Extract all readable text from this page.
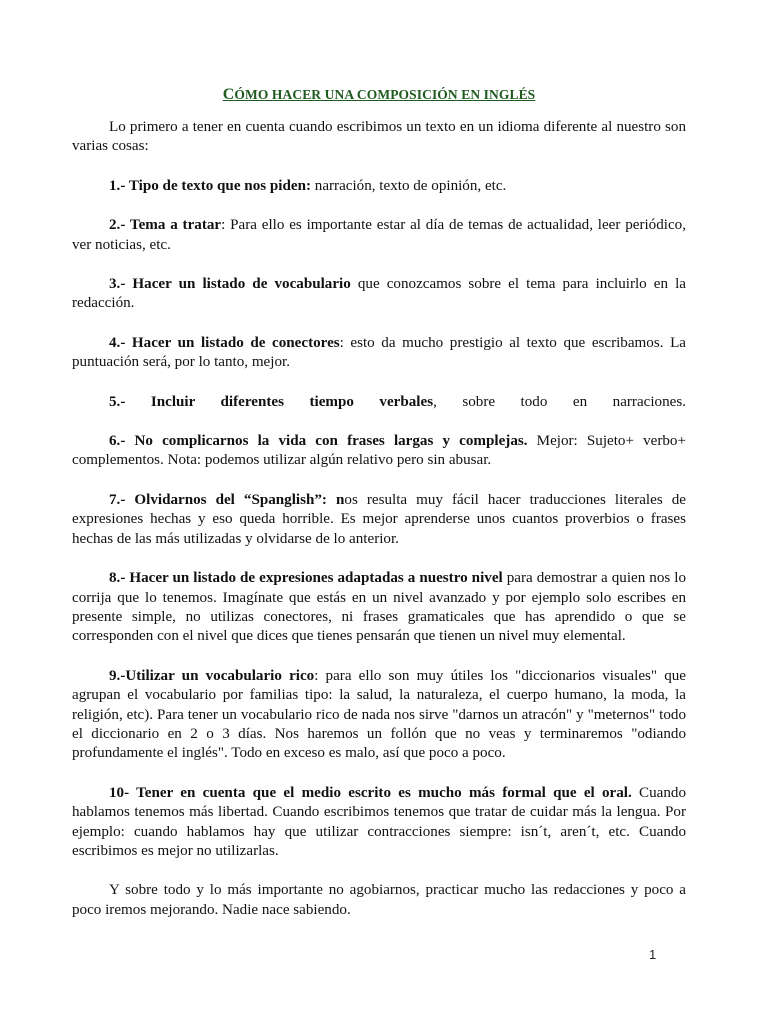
CÓMO HACER UNA COMPOSICIÓN EN INGLÉS

Lo primero a tener en cuenta cuando escribimos un texto en un idioma diferente al nuestro son varias cosas:

1.- Tipo de texto que nos piden: narración, texto de opinión, etc.

2.- Tema a tratar: Para ello es importante estar al día de temas de actualidad, leer periódico, ver noticias, etc.

3.- Hacer un listado de vocabulario que conozcamos sobre el tema para incluirlo en la redacción.

4.- Hacer un listado de conectores: esto da mucho prestigio al texto que escribamos. La puntuación será, por lo tanto, mejor.

5.- Incluir diferentes tiempo verbales, sobre todo en narraciones.

6.- No complicarnos la vida con frases largas y complejas. Mejor: Sujeto+ verbo+ complementos. Nota: podemos utilizar algún relativo pero sin abusar.

7.- Olvidarnos del “Spanglish”: nos resulta muy fácil hacer traducciones literales de expresiones hechas y eso queda horrible. Es mejor aprenderse unos cuantos proverbios o frases hechas de las más utilizadas y olvidarse de lo anterior.

8.- Hacer un listado de expresiones adaptadas a nuestro nivel para demostrar a quien nos lo corrija que lo tenemos. Imagínate que estás en un nivel avanzado y por ejemplo solo escribes en presente simple, no utilizas conectores, ni frases gramaticales que has aprendido o que se corresponden con el nivel que dices que tienes pensarán que tienen un nivel muy elemental.

9.-Utilizar un vocabulario rico: para ello son muy útiles los "diccionarios visuales" que agrupan el vocabulario por familias tipo: la salud, la naturaleza, el cuerpo humano, la moda, la religión, etc). Para tener un vocabulario rico de nada nos sirve "darnos un atracón" y "meternos" todo el diccionario en 2 o 3 días. Nos haremos un follón que no veas y terminaremos "odiando profundamente el inglés". Todo en exceso es malo, así que poco a poco.

10- Tener en cuenta que el medio escrito es mucho más formal que el oral. Cuando hablamos tenemos más libertad. Cuando escribimos tenemos que tratar de cuidar más la lengua. Por ejemplo: cuando hablamos hay que utilizar contracciones siempre: isn´t, aren´t, etc. Cuando escribimos es mejor no utilizarlas.

Y sobre todo y lo más importante no agobiarnos, practicar mucho las redacciones y poco a poco iremos mejorando. Nadie nace sabiendo.

1
